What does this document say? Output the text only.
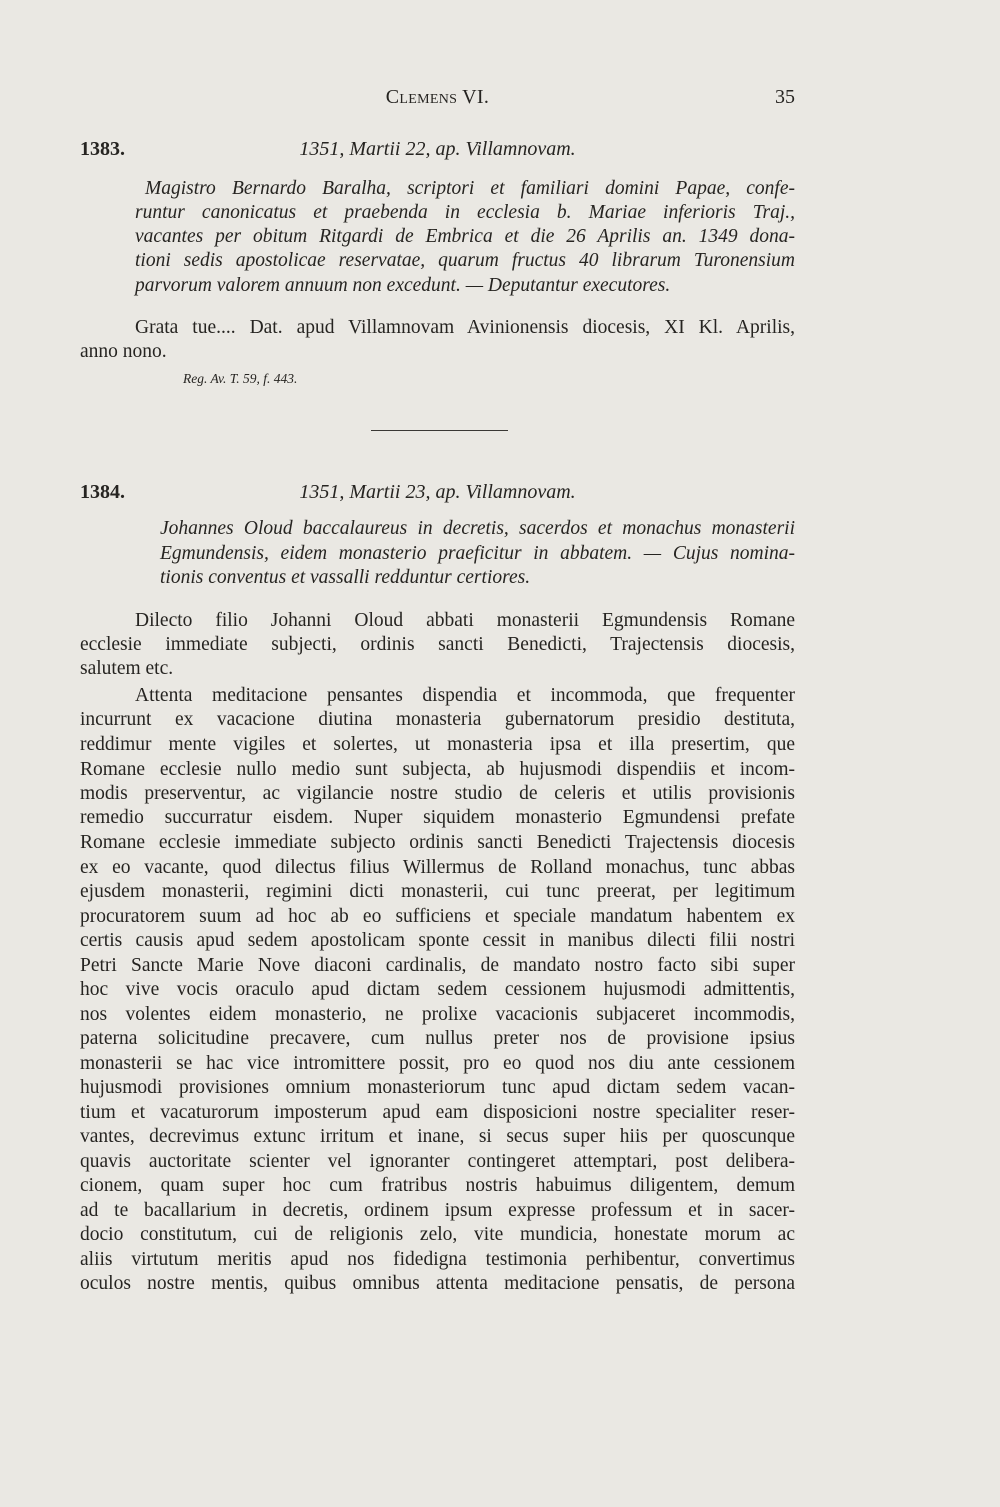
Clemens VI.	35
1383.	1351, Martii 22, ap. Villamnovam.
Magistro Bernardo Baralha, scriptori et familiari domini Papae, confe-
runtur canonicatus et praebenda in ecclesia b. Mariae inferioris Traj.,
vacantes per obitum Ritgardi de Embrica et die 26 Aprilis an. 1349 dona-
tioni sedis apostolicae reservatae, quarum fructus 40 librarum Turonensium
parvorum valorem annuum non excedunt. — Deputantur executores.
Grata tue.... Dat. apud Villamnovam Avinionensis diocesis, XI Kl. Aprilis,
anno nono.
Reg. Av. T. 59, f. 443.
1384.	1351, Martii 23, ap. Villamnovam.
Johannes Oloud baccalaureus in decretis, sacerdos et monachus monasterii
Egmundensis, eidem monasterio praeficitur in abbatem. — Cujus nomina-
tionis conventus et vassalli redduntur certiores.
Dilecto filio Johanni Oloud abbati monasterii Egmundensis Romane
ecclesie immediate subjecti, ordinis sancti Benedicti, Trajectensis diocesis,
salutem etc.
Attenta meditacione pensantes dispendia et incommoda, que frequenter
incurrunt ex vacacione diutina monasteria gubernatorum presidio destituta,
reddimur mente vigiles et solertes, ut monasteria ipsa et illa presertim, que
Romane ecclesie nullo medio sunt subjecta, ab hujusmodi dispendiis et incom-
modis preserventur, ac vigilancie nostre studio de celeris et utilis provisionis
remedio succurratur eisdem. Nuper siquidem monasterio Egmundensi prefate
Romane ecclesie immediate subjecto ordinis sancti Benedicti Trajectensis diocesis
ex eo vacante, quod dilectus filius Willermus de Rolland monachus, tunc abbas
ejusdem monasterii, regimini dicti monasterii, cui tunc preerat, per legitimum
procuratorem suum ad hoc ab eo sufficiens et speciale mandatum habentem ex
certis causis apud sedem apostolicam sponte cessit in manibus dilecti filii nostri
Petri Sancte Marie Nove diaconi cardinalis, de mandato nostro facto sibi super
hoc vive vocis oraculo apud dictam sedem cessionem hujusmodi admittentis,
nos volentes eidem monasterio, ne prolixe vacacionis subjaceret incommodis,
paterna solicitudine precavere, cum nullus preter nos de provisione ipsius
monasterii se hac vice intromittere possit, pro eo quod nos diu ante cessionem
hujusmodi provisiones omnium monasteriorum tunc apud dictam sedem vacan-
tium et vacaturorum imposterum apud eam disposicioni nostre specialiter reser-
vantes, decrevimus extunc irritum et inane, si secus super hiis per quoscunque
quavis auctoritate scienter vel ignoranter contingeret attemptari, post delibera-
cionem, quam super hoc cum fratribus nostris habuimus diligentem, demum
ad te bacallarium in decretis, ordinem ipsum expresse professum et in sacer-
docio constitutum, cui de religionis zelo, vite mundicia, honestate morum ac
aliis virtutum meritis apud nos fidedigna testimonia perhibentur, convertimus
oculos nostre mentis, quibus omnibus attenta meditacione pensatis, de persona
